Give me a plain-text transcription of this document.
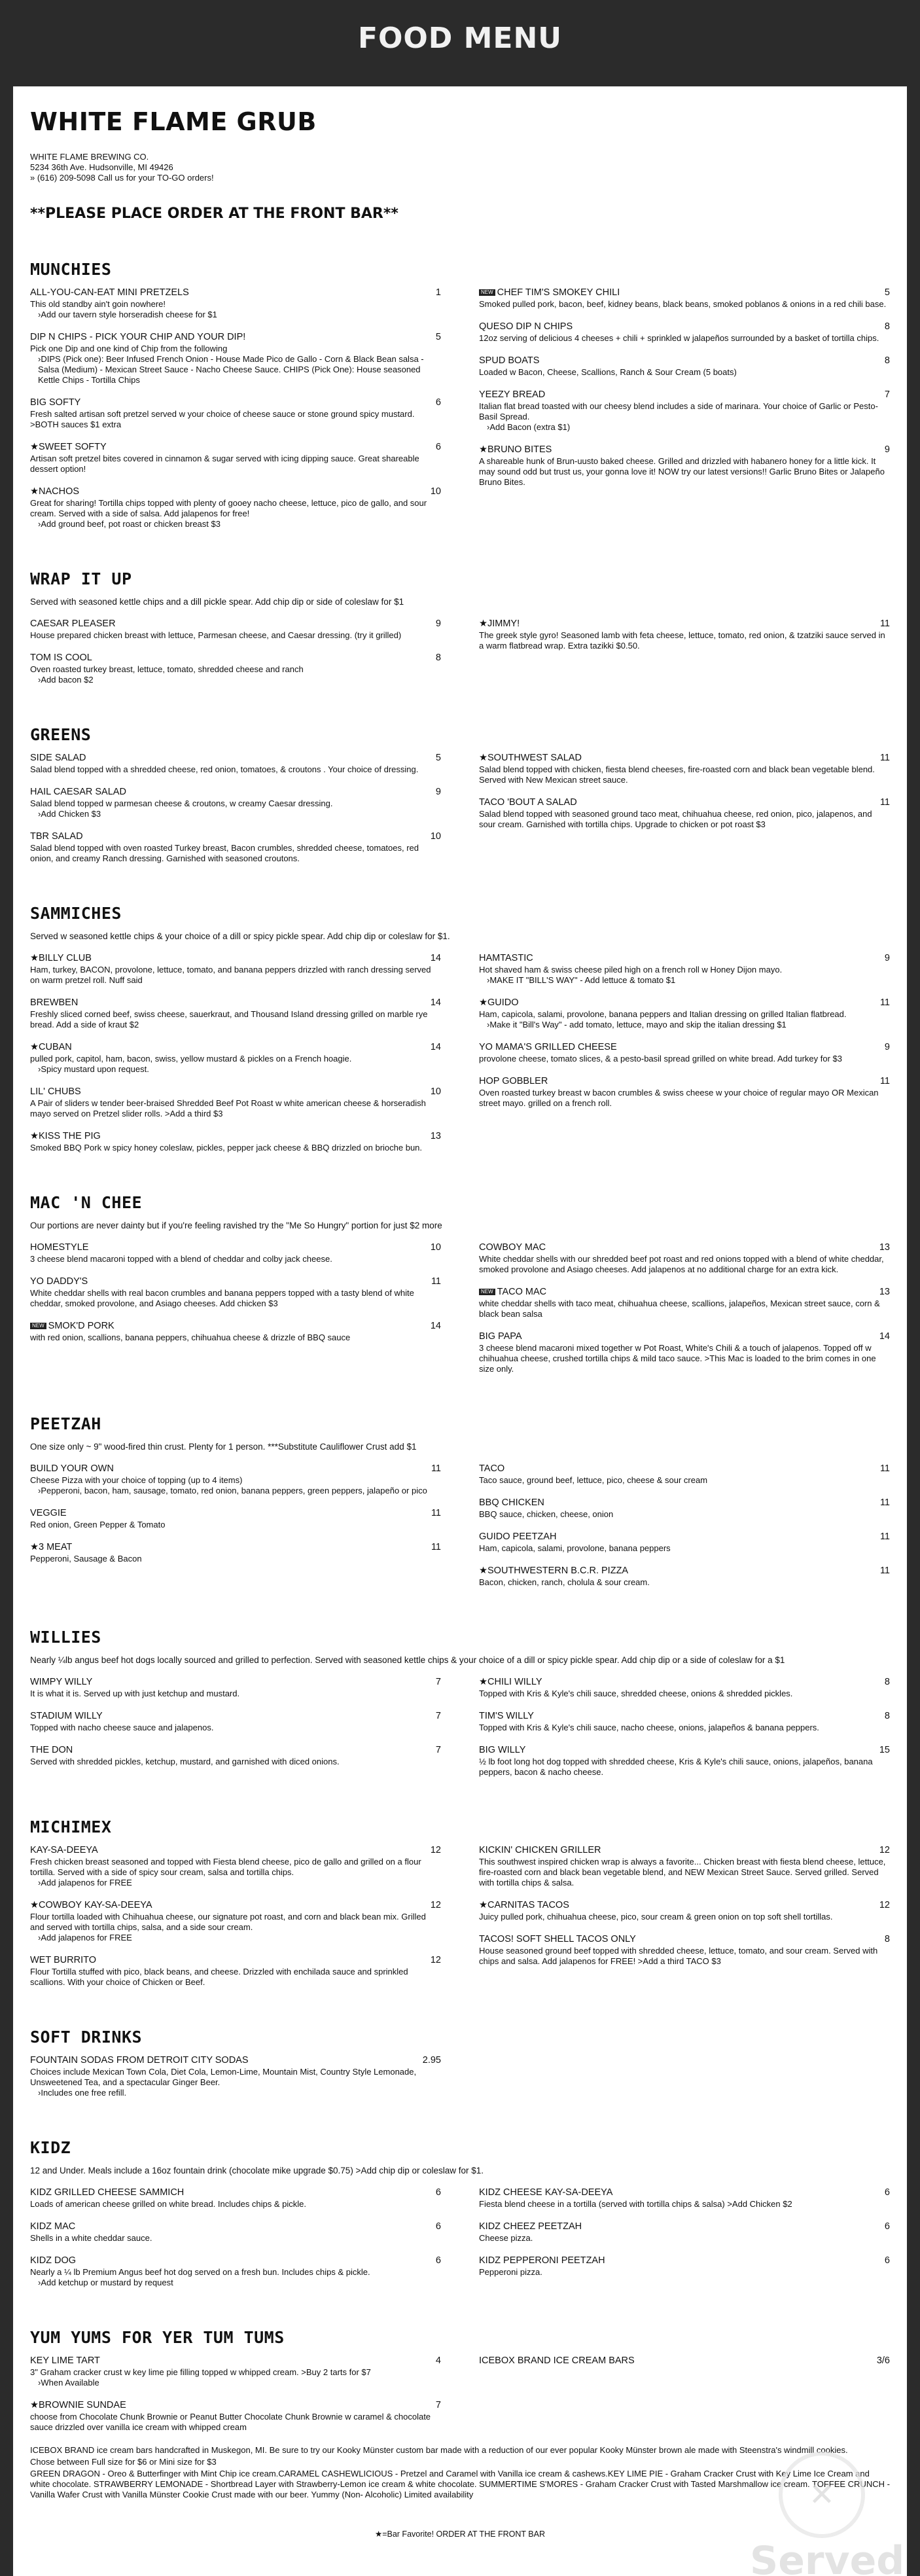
FOOD MENU
WHITE FLAME GRUB
WHITE FLAME BREWING CO.
5234 36th Ave. Hudsonville, MI 49426
» (616) 209-5098 Call us for your TO-GO orders!
**PLEASE PLACE ORDER AT THE FRONT BAR**
MUNCHIES
ALL-YOU-CAN-EAT MINI PRETZELS	1
This old standby ain't goin nowhere!
› Add our tavern style horseradish cheese for $1
DIP N CHIPS - PICK YOUR CHIP AND YOUR DIP!	5
Pick one Dip and one kind of Chip from the following
› DIPS (Pick one): Beer Infused French Onion - House Made Pico de Gallo - Corn & Black Bean salsa - Salsa (Medium) - Mexican Street Sauce - Nacho Cheese Sauce. CHIPS (Pick One): House seasoned Kettle Chips - Tortilla Chips
BIG SOFTY	6
Fresh salted artisan soft pretzel served w your choice of cheese sauce or stone ground spicy mustard. >BOTH sauces $1 extra
★SWEET SOFTY	6
Artisan soft pretzel bites covered in cinnamon & sugar served with icing dipping sauce. Great shareable dessert option!
★NACHOS	10
Great for sharing! Tortilla chips topped with plenty of gooey nacho cheese, lettuce, pico de gallo, and sour cream. Served with a side of salsa. Add jalapenos for free!
› Add ground beef, pot roast or chicken breast $3
NEW CHEF TIM'S SMOKEY CHILI	5
Smoked pulled pork, bacon, beef, kidney beans, black beans, smoked poblanos & onions in a red chili base.
QUESO DIP N CHIPS	8
12oz serving of delicious 4 cheeses + chili + sprinkled w jalapeños surrounded by a basket of tortilla chips.
SPUD BOATS	8
Loaded w Bacon, Cheese, Scallions, Ranch & Sour Cream (5 boats)
YEEZY BREAD	7
Italian flat bread toasted with our cheesy blend includes a side of marinara. Your choice of Garlic or Pesto-Basil Spread.
› Add Bacon (extra $1)
★BRUNO BITES	9
A shareable hunk of Brun-uusto baked cheese. Grilled and drizzled with habanero honey for a little kick. It may sound odd but trust us, your gonna love it! NOW try our latest versions!! Garlic Bruno Bites or Jalapeño Bruno Bites.
WRAP IT UP
Served with seasoned kettle chips and a dill pickle spear. Add chip dip or side of coleslaw for $1
CAESAR PLEASER	9
House prepared chicken breast with lettuce, Parmesan cheese, and Caesar dressing. (try it grilled)
TOM IS COOL	8
Oven roasted turkey breast, lettuce, tomato, shredded cheese and ranch
› Add bacon $2
★JIMMY!	11
The greek style gyro! Seasoned lamb with feta cheese, lettuce, tomato, red onion, & tzatziki sauce served in a warm flatbread wrap. Extra tazikki $0.50.
GREENS
SIDE SALAD	5
Salad blend topped with a shredded cheese, red onion, tomatoes, & croutons . Your choice of dressing.
HAIL CAESAR SALAD	9
Salad blend topped w parmesan cheese & croutons, w creamy Caesar dressing.
› Add Chicken $3
TBR SALAD	10
Salad blend topped with oven roasted Turkey breast, Bacon crumbles, shredded cheese, tomatoes, red onion, and creamy Ranch dressing. Garnished with seasoned croutons.
★SOUTHWEST SALAD	11
Salad blend topped with chicken, fiesta blend cheeses, fire-roasted corn and black bean vegetable blend. Served with New Mexican street sauce.
TACO 'BOUT A SALAD	11
Salad blend topped with seasoned ground taco meat, chihuahua cheese, red onion, pico, jalapenos, and sour cream. Garnished with tortilla chips. Upgrade to chicken or pot roast $3
SAMMICHES
Served w seasoned kettle chips & your choice of a dill or spicy pickle spear. Add chip dip or coleslaw for $1.
★BILLY CLUB	14
Ham, turkey, BACON, provolone, lettuce, tomato, and banana peppers drizzled with ranch dressing served on warm pretzel roll. Nuff said
BREWBEN	14
Freshly sliced corned beef, swiss cheese, sauerkraut, and Thousand Island dressing grilled on marble rye bread. Add a side of kraut $2
★CUBAN	14
pulled pork, capitol, ham, bacon, swiss, yellow mustard & pickles on a French hoagie.
› Spicy mustard upon request.
LIL' CHUBS	10
A Pair of sliders w tender beer-braised Shredded Beef Pot Roast w white american cheese & horseradish mayo served on Pretzel slider rolls. >Add a third $3
★KISS THE PIG	13
Smoked BBQ Pork w spicy honey coleslaw, pickles, pepper jack cheese & BBQ drizzled on brioche bun.
HAMTASTIC	9
Hot shaved ham & swiss cheese piled high on a french roll w Honey Dijon mayo.
› MAKE IT "BILL'S WAY" - Add lettuce & tomato $1
★GUIDO	11
Ham, capicola, salami, provolone, banana peppers and Italian dressing on grilled Italian flatbread.
› Make it "Bill's Way" - add tomato, lettuce, mayo and skip the italian dressing $1
YO MAMA'S GRILLED CHEESE	9
provolone cheese, tomato slices, & a pesto-basil spread grilled on white bread. Add turkey for $3
HOP GOBBLER	11
Oven roasted turkey breast w bacon crumbles & swiss cheese w your choice of regular mayo OR Mexican street mayo. grilled on a french roll.
MAC 'N CHEE
Our portions are never dainty but if you're feeling ravished try the "Me So Hungry" portion for just $2 more
HOMESTYLE	10
3 cheese blend macaroni topped with a blend of cheddar and colby jack cheese.
YO DADDY'S	11
White cheddar shells with real bacon crumbles and banana peppers topped with a tasty blend of white cheddar, smoked provolone, and Asiago cheeses. Add chicken $3
NEW SMOK'D PORK	14
with red onion, scallions, banana peppers, chihuahua cheese & drizzle of BBQ sauce
COWBOY MAC	13
White cheddar shells with our shredded beef pot roast and red onions topped with a blend of white cheddar, smoked provolone and Asiago cheeses. Add jalapenos at no additional charge for an extra kick.
NEW TACO MAC	13
white cheddar shells with taco meat, chihuahua cheese, scallions, jalapeños, Mexican street sauce, corn & black bean salsa
BIG PAPA	14
3 cheese blend macaroni mixed together w Pot Roast, White's Chili & a touch of jalapenos. Topped off w chihuahua cheese, crushed tortilla chips & mild taco sauce. >This Mac is loaded to the brim comes in one size only.
PEETZAH
One size only ~ 9" wood-fired thin crust. Plenty for 1 person. ***Substitute Cauliflower Crust add $1
BUILD YOUR OWN	11
Cheese Pizza with your choice of topping (up to 4 items)
› Pepperoni, bacon, ham, sausage, tomato, red onion, banana peppers, green peppers, jalapeño or pico
VEGGIE	11
Red onion, Green Pepper & Tomato
★3 MEAT	11
Pepperoni, Sausage & Bacon
TACO	11
Taco sauce, ground beef, lettuce, pico, cheese & sour cream
BBQ CHICKEN	11
BBQ sauce, chicken, cheese, onion
GUIDO PEETZAH	11
Ham, capicola, salami, provolone, banana peppers
★SOUTHWESTERN B.C.R. PIZZA	11
Bacon, chicken, ranch, cholula & sour cream.
WILLIES
Nearly ¼lb angus beef hot dogs locally sourced and grilled to perfection. Served with seasoned kettle chips & your choice of a dill or spicy pickle spear. Add chip dip or a side of coleslaw for a $1
WIMPY WILLY	7
It is what it is. Served up with just ketchup and mustard.
STADIUM WILLY	7
Topped with nacho cheese sauce and jalapenos.
THE DON	7
Served with shredded pickles, ketchup, mustard, and garnished with diced onions.
★CHILI WILLY	8
Topped with Kris & Kyle's chili sauce, shredded cheese, onions & shredded pickles.
TIM'S WILLY	8
Topped with Kris & Kyle's chili sauce, nacho cheese, onions, jalapeños & banana peppers.
BIG WILLY	15
½ lb foot long hot dog topped with shredded cheese, Kris & Kyle's chili sauce, onions, jalapeños, banana peppers, bacon & nacho cheese.
MICHIMEX
KAY-SA-DEEYA	12
Fresh chicken breast seasoned and topped with Fiesta blend cheese, pico de gallo and grilled on a flour tortilla. Served with a side of spicy sour cream, salsa and tortilla chips.
› Add jalapenos for FREE
★COWBOY KAY-SA-DEEYA	12
Flour tortilla loaded with Chihuahua cheese, our signature pot roast, and corn and black bean mix. Grilled and served with tortilla chips, salsa, and a side sour cream.
› Add jalapenos for FREE
WET BURRITO	12
Flour Tortilla stuffed with pico, black beans, and cheese. Drizzled with enchilada sauce and sprinkled scallions. With your choice of Chicken or Beef.
KICKIN' CHICKEN GRILLER	12
This southwest inspired chicken wrap is always a favorite... Chicken breast with fiesta blend cheese, lettuce, fire-roasted corn and black bean vegetable blend, and NEW Mexican Street Sauce. Served grilled. Served with tortilla chips & salsa.
★CARNITAS TACOS	12
Juicy pulled pork, chihuahua cheese, pico, sour cream & green onion on top soft shell tortillas.
TACOS! SOFT SHELL TACOS ONLY	8
House seasoned ground beef topped with shredded cheese, lettuce, tomato, and sour cream. Served with chips and salsa. Add jalapenos for FREE! >Add a third TACO $3
SOFT DRINKS
FOUNTAIN SODAS FROM DETROIT CITY SODAS	2.95
Choices include Mexican Town Cola, Diet Cola, Lemon-Lime, Mountain Mist, Country Style Lemonade, Unsweetened Tea, and a spectacular Ginger Beer.
› Includes one free refill.
KIDZ
12 and Under. Meals include a 16oz fountain drink (chocolate mike upgrade $0.75) >Add chip dip or coleslaw for $1.
KIDZ GRILLED CHEESE SAMMICH	6
Loads of american cheese grilled on white bread. Includes chips & pickle.
KIDZ MAC	6
Shells in a white cheddar sauce.
KIDZ DOG	6
Nearly a ¼ lb Premium Angus beef hot dog served on a fresh bun. Includes chips & pickle.
› Add ketchup or mustard by request
KIDZ CHEESE KAY-SA-DEEYA	6
Fiesta blend cheese in a tortilla (served with tortilla chips & salsa) >Add Chicken $2
KIDZ CHEEZ PEETZAH	6
Cheese pizza.
KIDZ PEPPERONI PEETZAH	6
Pepperoni pizza.
YUM YUMS FOR YER TUM TUMS
KEY LIME TART	4
3" Graham cracker crust w key lime pie filling topped w whipped cream. >Buy 2 tarts for $7
› When Available
★BROWNIE SUNDAE	7
choose from Chocolate Chunk Brownie or Peanut Butter Chocolate Chunk Brownie w caramel & chocolate sauce drizzled over vanilla ice cream with whipped cream
ICEBOX BRAND ICE CREAM BARS	3/6
ICEBOX BRAND ice cream bars handcrafted in Muskegon, MI. Be sure to try our Kooky Münster custom bar made with a reduction of our ever popular Kooky Münster brown ale made with Steenstra's windmill cookies.
Chose between Full size for $6 or Mini size for $3
GREEN DRAGON - Oreo & Butterfinger with Mint Chip ice cream.CARAMEL CASHEWLICIOUS - Pretzel and Caramel with Vanilla ice cream & cashews.KEY LIME PIE - Graham Cracker Crust with Key Lime Ice Cream and white chocolate. STRAWBERRY LEMONADE - Shortbread Layer with Strawberry-Lemon ice cream & white chocolate. SUMMERTIME S'MORES - Graham Cracker Crust with Tasted Marshmallow ice cream. TOFFEE CRUNCH - Vanilla Wafer Crust with Vanilla Münster Cookie Crust made with our beer. Yummy (Non- Alcoholic) Limited availability
★=Bar Favorite! ORDER AT THE FRONT BAR
✕
Served
